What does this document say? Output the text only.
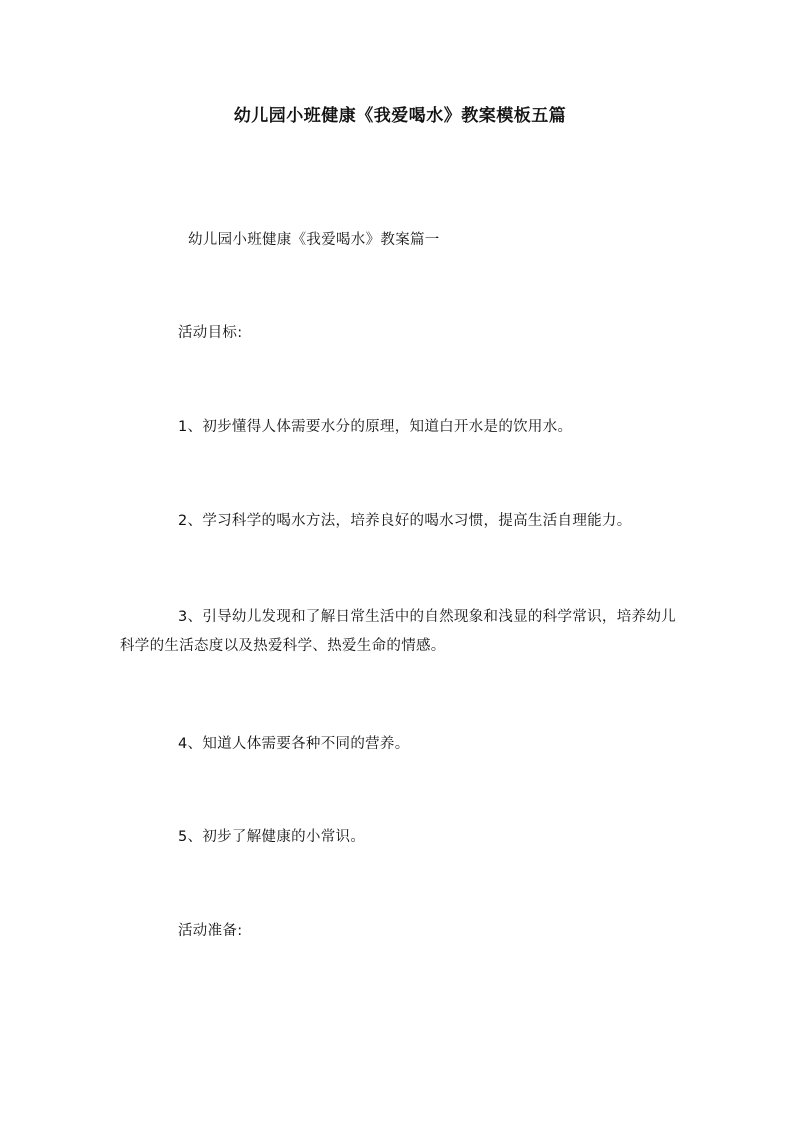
幼儿园小班健康《我爱喝水》教案模板五篇
幼儿园小班健康《我爱喝水》教案篇一
活动目标:
1、初步懂得人体需要水分的原理，知道白开水是的饮用水。
2、学习科学的喝水方法，培养良好的喝水习惯，提高生活自理能力。
3、引导幼儿发现和了解日常生活中的自然现象和浅显的科学常识，培养幼儿科学的生活态度以及热爱科学、热爱生命的情感。
4、知道人体需要各种不同的营养。
5、初步了解健康的小常识。
活动准备:
